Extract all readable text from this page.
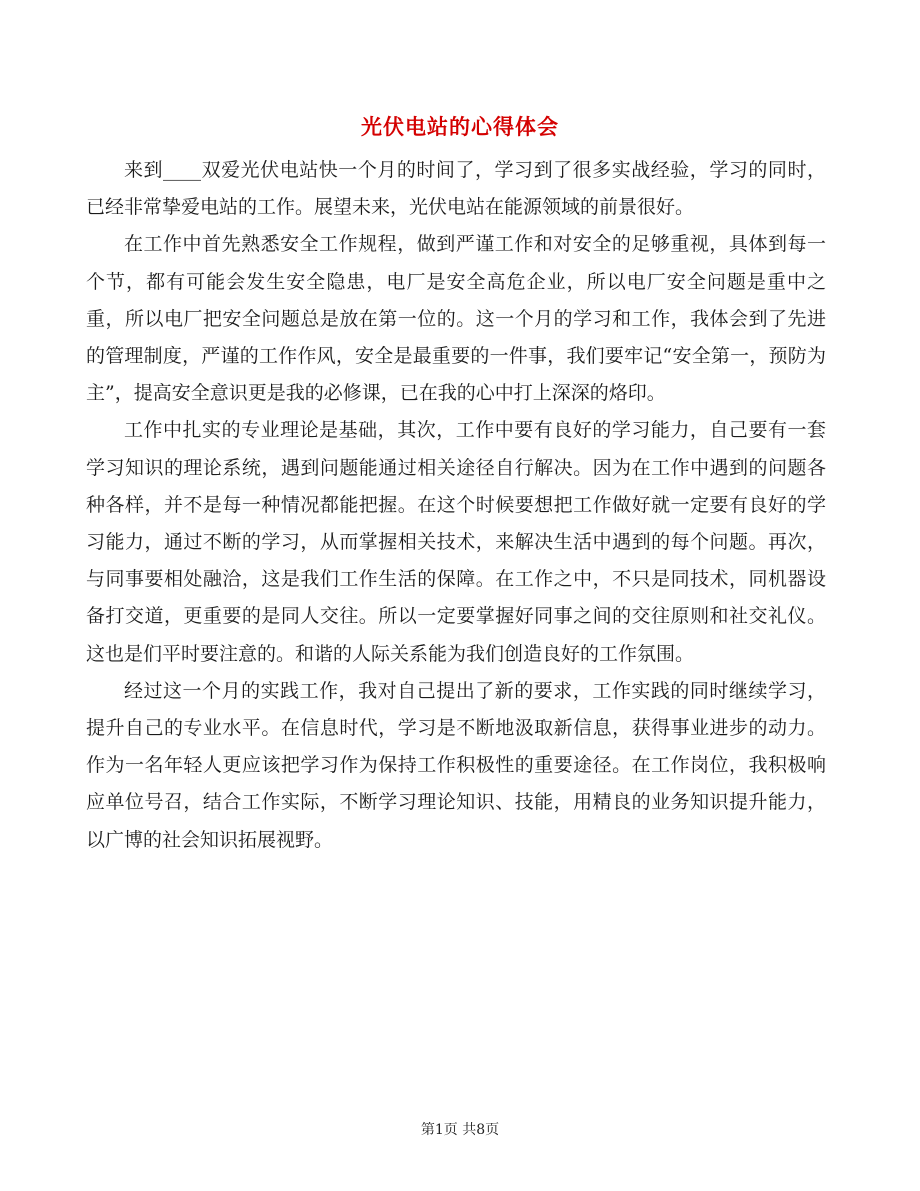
光伏电站的心得体会

来到____双爱光伏电站快一个月的时间了，学习到了很多实战经验，学习的同时，已经非常挚爱电站的工作。展望未来，光伏电站在能源领域的前景很好。

在工作中首先熟悉安全工作规程，做到严谨工作和对安全的足够重视，具体到每一个节，都有可能会发生安全隐患，电厂是安全高危企业，所以电厂安全问题是重中之重，所以电厂把安全问题总是放在第一位的。这一个月的学习和工作，我体会到了先进的管理制度，严谨的工作作风，安全是最重要的一件事，我们要牢记“安全第一，预防为主”，提高安全意识更是我的必修课，已在我的心中打上深深的烙印。

工作中扎实的专业理论是基础，其次，工作中要有良好的学习能力，自己要有一套学习知识的理论系统，遇到问题能通过相关途径自行解决。因为在工作中遇到的问题各种各样，并不是每一种情况都能把握。在这个时候要想把工作做好就一定要有良好的学习能力，通过不断的学习，从而掌握相关技术，来解决生活中遇到的每个问题。再次，与同事要相处融洽，这是我们工作生活的保障。在工作之中，不只是同技术，同机器设备打交道，更重要的是同人交往。所以一定要掌握好同事之间的交往原则和社交礼仪。这也是们平时要注意的。和谐的人际关系能为我们创造良好的工作氛围。

经过这一个月的实践工作，我对自己提出了新的要求，工作实践的同时继续学习，提升自己的专业水平。在信息时代，学习是不断地汲取新信息，获得事业进步的动力。作为一名年轻人更应该把学习作为保持工作积极性的重要途径。在工作岗位，我积极响应单位号召，结合工作实际，不断学习理论知识、技能，用精良的业务知识提升能力，以广博的社会知识拓展视野。

第1页 共8页
